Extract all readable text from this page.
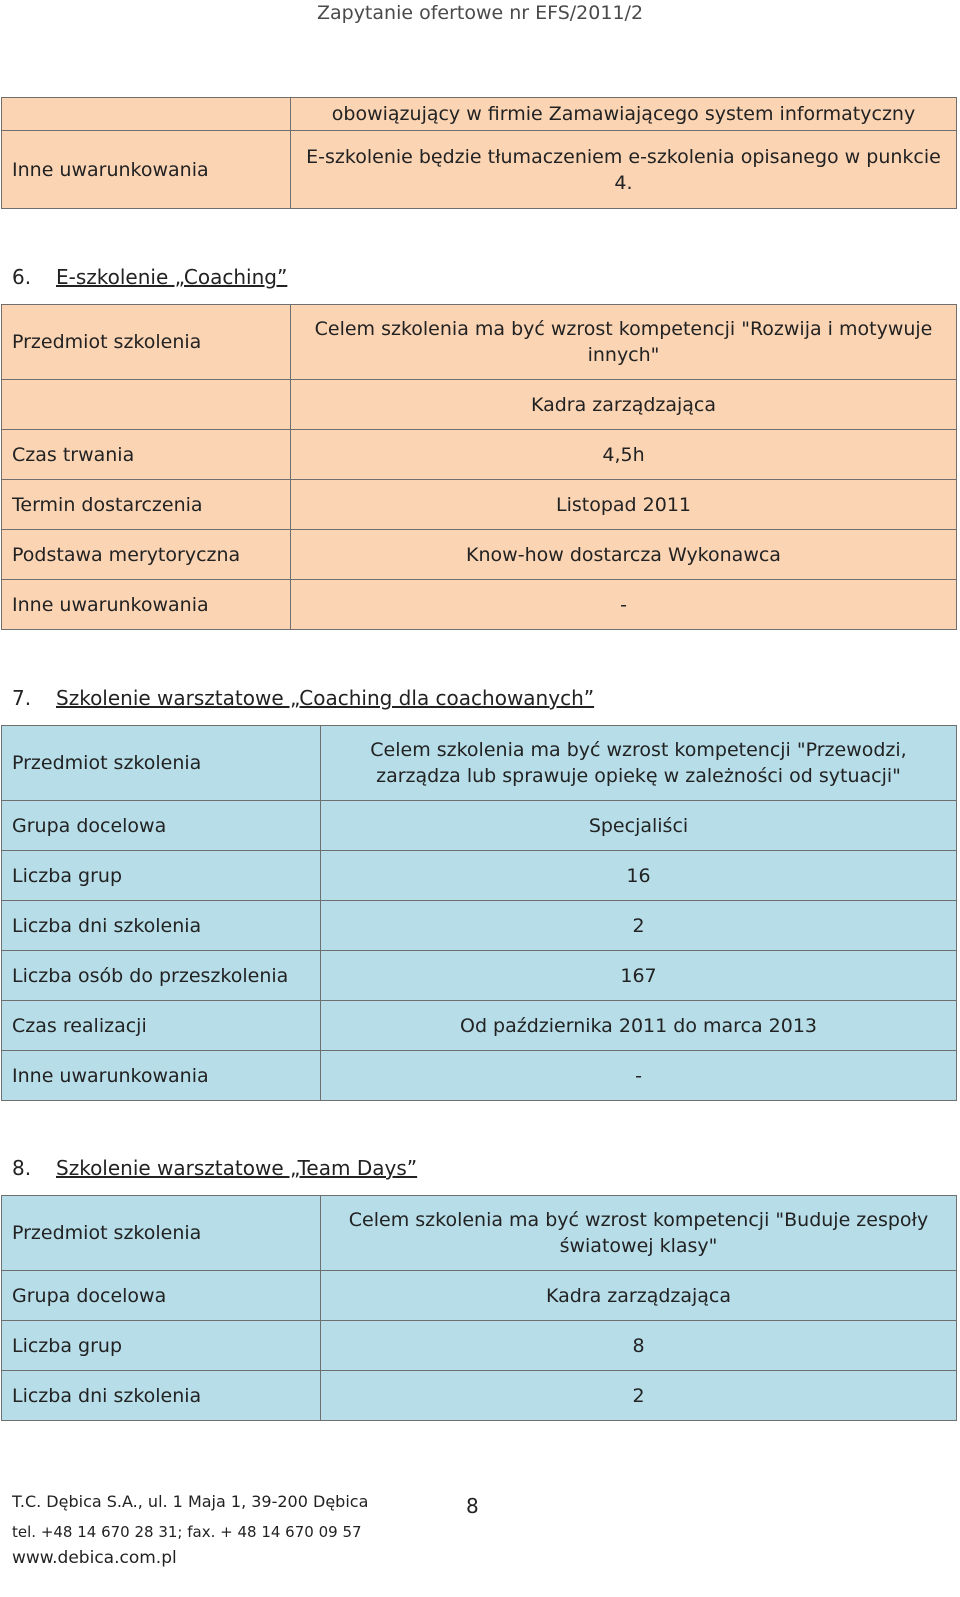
Zapytanie ofertowe nr EFS/2011/2
	obowiązujący w firmie Zamawiającego system informatyczny
Inne uwarunkowania	E-szkolenie będzie tłumaczeniem e-szkolenia opisanego w punkcie 4.
6. E-szkolenie „Coaching”
Przedmiot szkolenia	Celem szkolenia ma być wzrost kompetencji "Rozwija i motywuje innych"
	Kadra zarządzająca
Czas trwania	4,5h
Termin dostarczenia	Listopad 2011
Podstawa merytoryczna	Know-how dostarcza Wykonawca
Inne uwarunkowania	-
7. Szkolenie warsztatowe „Coaching dla coachowanych”
Przedmiot szkolenia	Celem szkolenia ma być wzrost kompetencji "Przewodzi, zarządza lub sprawuje opiekę w zależności od sytuacji"
Grupa docelowa	Specjaliści
Liczba grup	16
Liczba dni szkolenia	2
Liczba osób do przeszkolenia	167
Czas realizacji	Od października 2011 do marca 2013
Inne uwarunkowania	-
8. Szkolenie warsztatowe „Team Days”
Przedmiot szkolenia	Celem szkolenia ma być wzrost kompetencji "Buduje zespoły światowej klasy"
Grupa docelowa	Kadra zarządzająca
Liczba grup	8
Liczba dni szkolenia	2
T.C. Dębica S.A., ul. 1 Maja 1, 39-200 Dębica	8
tel. +48 14 670 28 31; fax. + 48 14 670 09 57
www.debica.com.pl
